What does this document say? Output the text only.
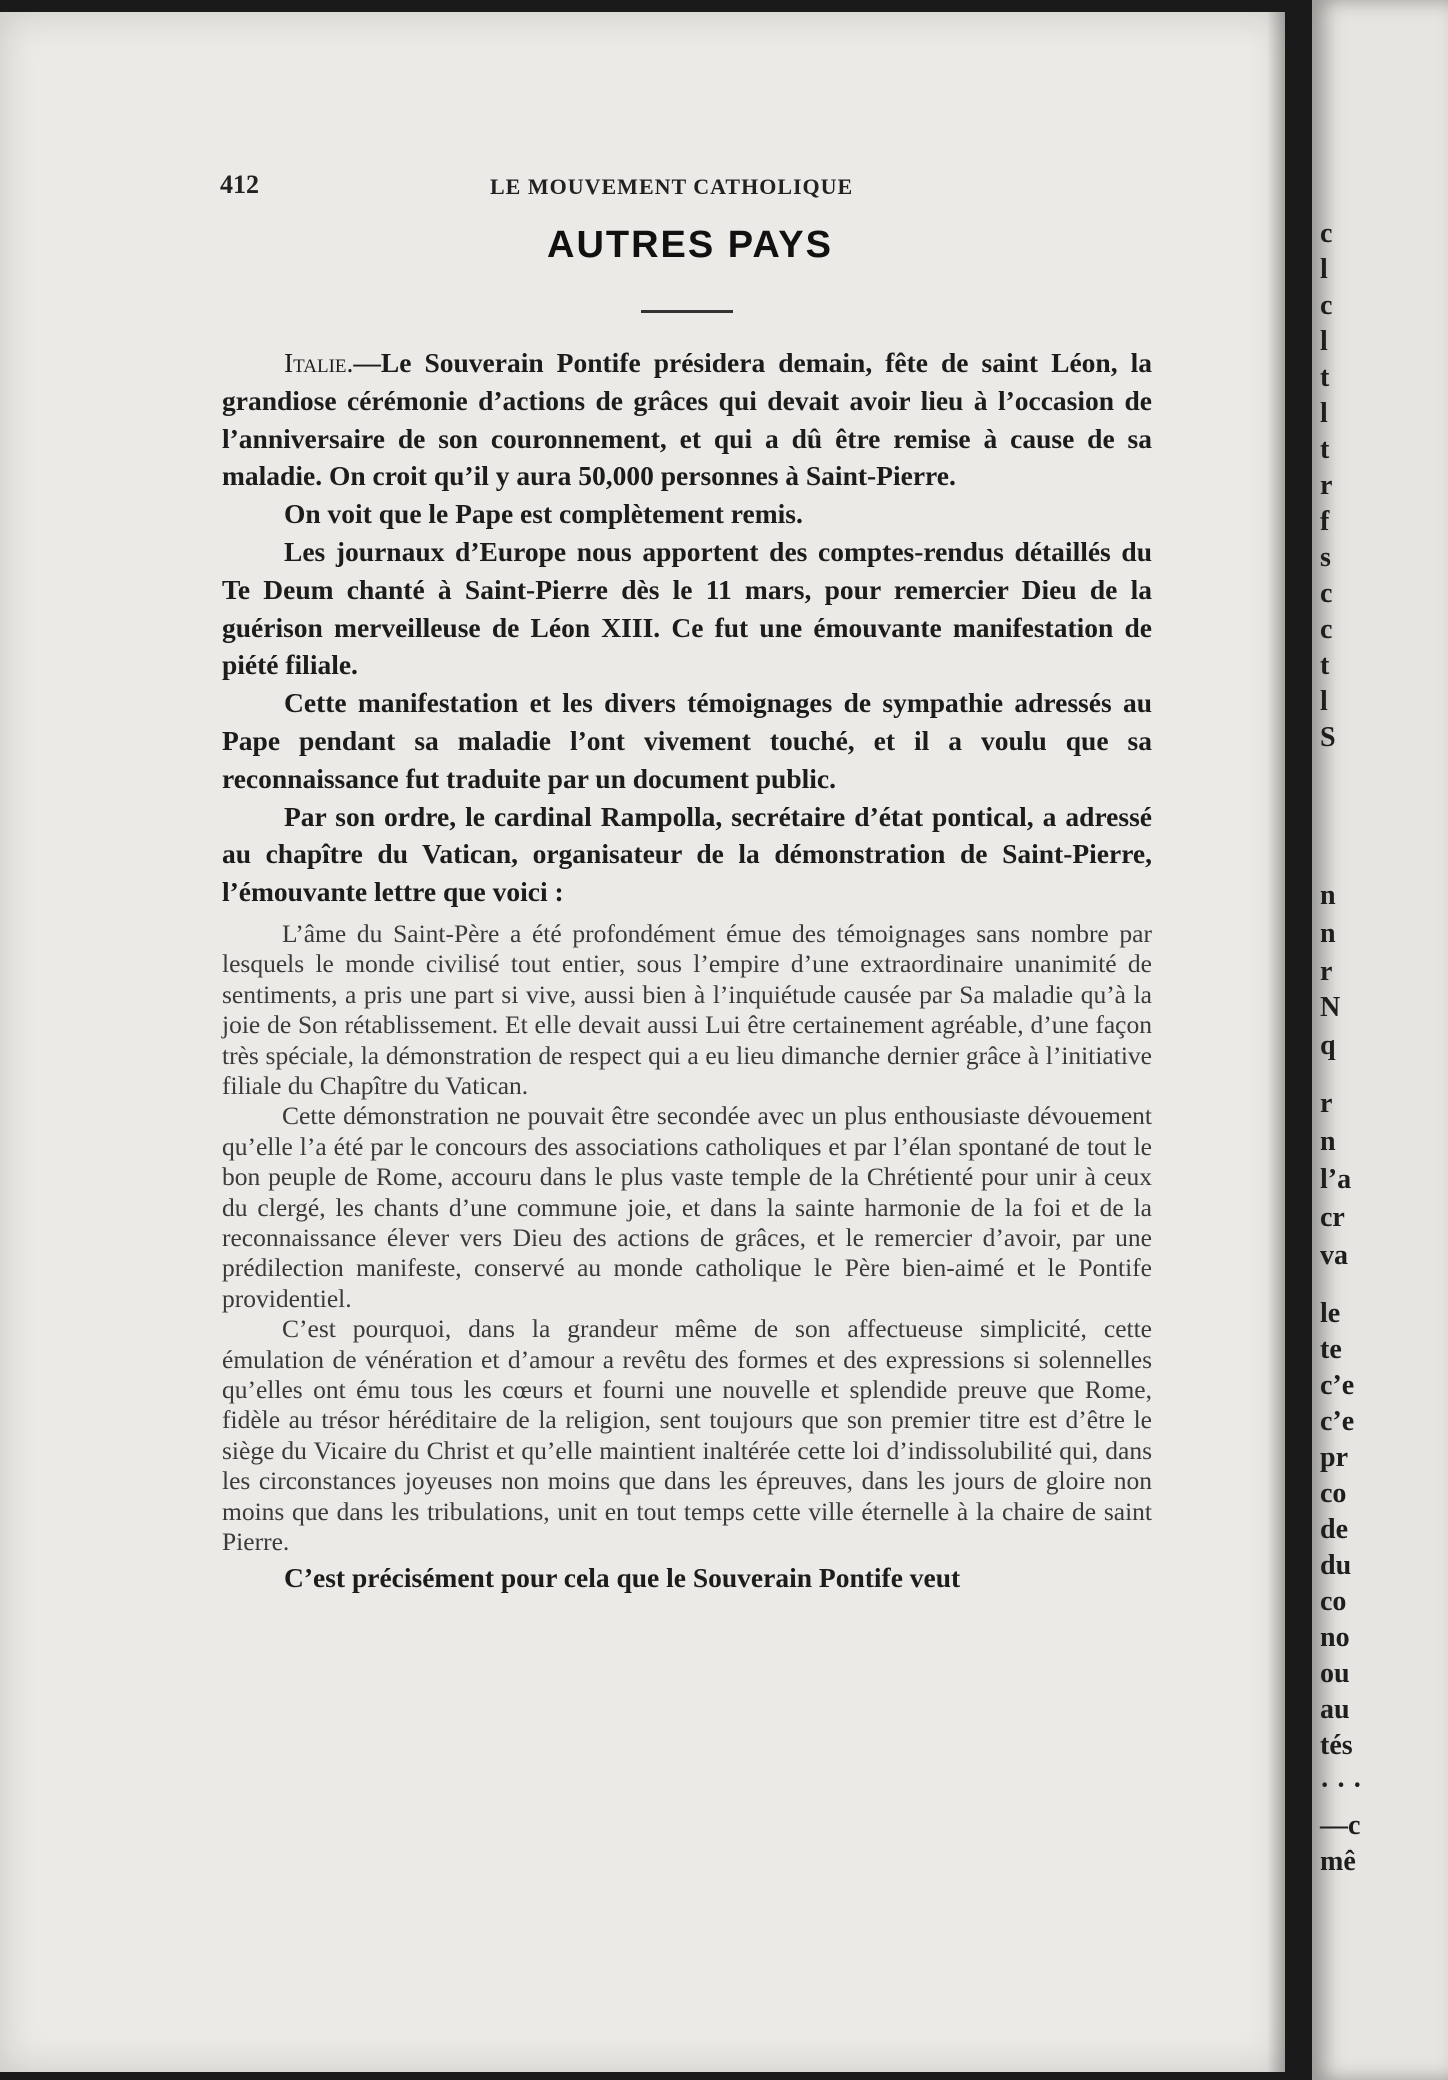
412	LE MOUVEMENT CATHOLIQUE
AUTRES PAYS

Italie.—Le Souverain Pontife présidera demain, fête de saint Léon, la grandiose cérémonie d’actions de grâces qui devait avoir lieu à l’occasion de l’anniversaire de son couronnement, et qui a dû être remise à cause de sa maladie. On croit qu’il y aura 50,000 personnes à Saint-Pierre.

On voit que le Pape est complètement remis.

Les journaux d’Europe nous apportent des comptes-rendus détaillés du Te Deum chanté à Saint-Pierre dès le 11 mars, pour remercier Dieu de la guérison merveilleuse de Léon XIII. Ce fut une émouvante manifestation de piété filiale.

Cette manifestation et les divers témoignages de sympathie adressés au Pape pendant sa maladie l’ont vivement touché, et il a voulu que sa reconnaissance fut traduite par un document public.

Par son ordre, le cardinal Rampolla, secrétaire d’état pontical, a adressé au chapître du Vatican, organisateur de la démonstration de Saint-Pierre, l’émouvante lettre que voici :

L’âme du Saint-Père a été profondément émue des témoignages sans nombre par lesquels le monde civilisé tout entier, sous l’empire d’une extraordinaire unanimité de sentiments, a pris une part si vive, aussi bien à l’inquiétude causée par Sa maladie qu’à la joie de Son rétablissement. Et elle devait aussi Lui être certainement agréable, d’une façon très spéciale, la démonstration de respect qui a eu lieu dimanche dernier grâce à l’initiative filiale du Chapître du Vatican.

Cette démonstration ne pouvait être secondée avec un plus enthousiaste dévouement qu’elle l’a été par le concours des associations catholiques et par l’élan spontané de tout le bon peuple de Rome, accouru dans le plus vaste temple de la Chrétienté pour unir à ceux du clergé, les chants d’une commune joie, et dans la sainte harmonie de la foi et de la reconnaissance élever vers Dieu des actions de grâces, et le remercier d’avoir, par une prédilection manifeste, conservé au monde catholique le Père bien-aimé et le Pontife providentiel.

C’est pourquoi, dans la grandeur même de son affectueuse simplicité, cette émulation de vénération et d’amour a revêtu des formes et des expressions si solennelles qu’elles ont ému tous les cœurs et fourni une nouvelle et splendide preuve que Rome, fidèle au trésor héréditaire de la religion, sent toujours que son premier titre est d’être le siège du Vicaire du Christ et qu’elle maintient inaltérée cette loi d’indissolubilité qui, dans les circonstances joyeuses non moins que dans les épreuves, dans les jours de gloire non moins que dans les tribulations, unit en tout temps cette ville éternelle à la chaire de saint Pierre.

C’est précisément pour cela que le Souverain Pontife veut

c
l
c
l
t
l
t
r
f
s
c
c
t
l
S
n
n
r
N
q
r
n
l’a
cr
va
le
te
c’e
c’e
pr
co
de
du
co
no
ou
au
tés
· · ·
—c
mê
